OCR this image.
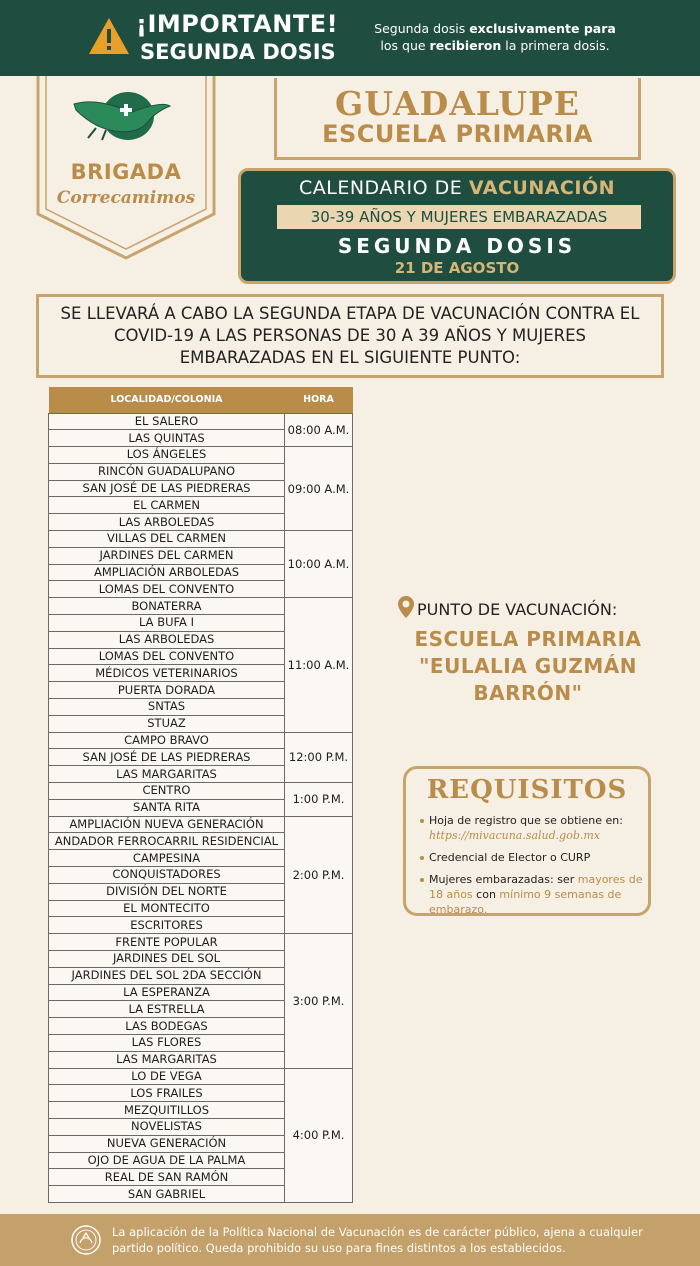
¡IMPORTANTE!
SEGUNDA DOSIS
Segunda dosis exclusivamente para los que recibieron la primera dosis.
BRIGADA
Correcamimos
GUADALUPE
ESCUELA PRIMARIA
CALENDARIO DE VACUNACIÓN
30-39 AÑOS Y MUJERES EMBARAZADAS
SEGUNDA DOSIS
21 DE AGOSTO
SE LLEVARÁ A CABO LA SEGUNDA ETAPA DE VACUNACIÓN CONTRA EL COVID-19 A LAS PERSONAS DE 30 A 39 AÑOS Y MUJERES EMBARAZADAS EN EL SIGUIENTE PUNTO:
LOCALIDAD/COLONIA	HORA
EL SALERO	08:00 A.M.
LAS QUINTAS	
LOS ÁNGELES	09:00 A.M.
RINCÓN GUADALUPANO	
SAN JOSÉ DE LAS PIEDRERAS	
EL CARMEN	
LAS ARBOLEDAS	
VILLAS DEL CARMEN	10:00 A.M.
JARDINES DEL CARMEN	
AMPLIACIÓN ARBOLEDAS	
LOMAS DEL CONVENTO	
BONATERRA	11:00 A.M.
LA BUFA I	
LAS ARBOLEDAS	
LOMAS DEL CONVENTO	
MÉDICOS VETERINARIOS	
PUERTA DORADA	
SNTAS	
STUAZ	
CAMPO BRAVO	12:00 P.M.
SAN JOSÉ DE LAS PIEDRERAS	
LAS MARGARITAS	
CENTRO	1:00 P.M.
SANTA RITA	
AMPLIACIÓN NUEVA GENERACIÓN	2:00 P.M.
ANDADOR FERROCARRIL RESIDENCIAL	
CAMPESINA	
CONQUISTADORES	
DIVISIÓN DEL NORTE	
EL MONTECITO	
ESCRITORES	
FRENTE POPULAR	3:00 P.M.
JARDINES DEL SOL	
JARDINES DEL SOL 2DA SECCIÓN	
LA ESPERANZA	
LA ESTRELLA	
LAS BODEGAS	
LAS FLORES	
LAS MARGARITAS	
LO DE VEGA	4:00 P.M.
LOS FRAILES	
MEZQUITILLOS	
NOVELISTAS	
NUEVA GENERACIÓN	
OJO DE AGUA DE LA PALMA	
REAL DE SAN RAMÓN	
SAN GABRIEL	
PUNTO DE VACUNACIÓN:
ESCUELA PRIMARIA
"EULALIA GUZMÁN
BARRÓN"
REQUISITOS
Hoja de registro que se obtiene en: https://mivacuna.salud.gob.mx
Credencial de Elector o CURP
Mujeres embarazadas: ser mayores de 18 años con mínimo 9 semanas de embarazo.
La aplicación de la Política Nacional de Vacunación es de carácter público, ajena a cualquier partido político. Queda prohibido su uso para fines distintos a los establecidos.
